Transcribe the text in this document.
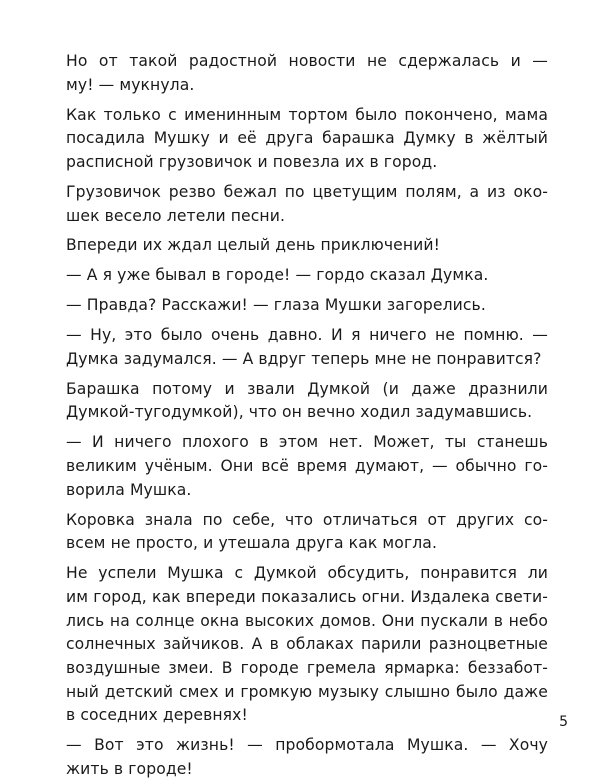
Но от такой радостной новости не сдержалась и —
му! — мукнула.

Как только с именинным тортом было покончено, мама
посадила Мушку и её друга барашка Думку в жёлтый
расписной грузовичок и повезла их в город.

Грузовичок резво бежал по цветущим полям, а из око-
шек весело летели песни.

Впереди их ждал целый день приключений!

— А я уже бывал в городе! — гордо сказал Думка.

— Правда? Расскажи! — глаза Мушки загорелись.

— Ну, это было очень давно. И я ничего не помню. —
Думка задумался. — А вдруг теперь мне не понравится?

Барашка потому и звали Думкой (и даже дразнили
Думкой-тугодумкой), что он вечно ходил задумавшись.

— И ничего плохого в этом нет. Может, ты станешь
великим учёным. Они всё время думают, — обычно го-
ворила Мушка.

Коровка знала по себе, что отличаться от других со-
всем не просто, и утешала друга как могла.

Не успели Мушка с Думкой обсудить, понравится ли
им город, как впереди показались огни. Издалека свети-
лись на солнце окна высоких домов. Они пускали в небо
солнечных зайчиков. А в облаках парили разноцветные
воздушные змеи. В городе гремела ярмарка: беззабот-
ный детский смех и громкую музыку слышно было даже
в соседних деревнях!

— Вот это жизнь! — пробормотала Мушка. — Хочу
жить в городе!

5
